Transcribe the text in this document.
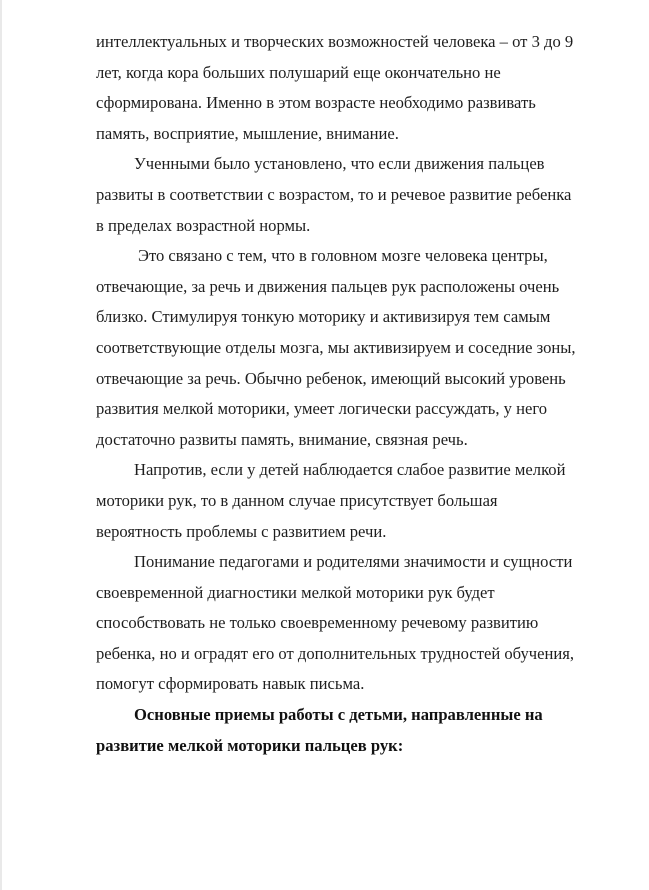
интеллектуальных и творческих возможностей человека – от 3 до 9
лет, когда кора больших полушарий еще окончательно не
сформирована. Именно в этом возрасте необходимо развивать
память, восприятие, мышление, внимание.
Ученными было установлено, что если движения пальцев
развиты в соответствии с возрастом, то и речевое развитие ребенка
в пределах возрастной нормы.
Это связано с тем, что в головном мозге человека центры,
отвечающие, за речь и движения пальцев рук расположены очень
близко. Стимулируя тонкую моторику и активизируя тем самым
соответствующие отделы мозга, мы активизируем и соседние зоны,
отвечающие за речь. Обычно ребенок, имеющий высокий уровень
развития мелкой моторики, умеет логически рассуждать, у него
достаточно развиты память, внимание, связная речь.
Напротив, если у детей наблюдается слабое развитие мелкой
моторики рук, то в данном случае присутствует большая
вероятность проблемы с развитием речи.
Понимание педагогами и родителями значимости и сущности
своевременной диагностики мелкой моторики рук будет
способствовать не только своевременному речевому развитию
ребенка, но и оградят его от дополнительных трудностей обучения,
помогут сформировать навык письма.
Основные приемы работы с детьми, направленные на
развитие мелкой моторики пальцев рук:
